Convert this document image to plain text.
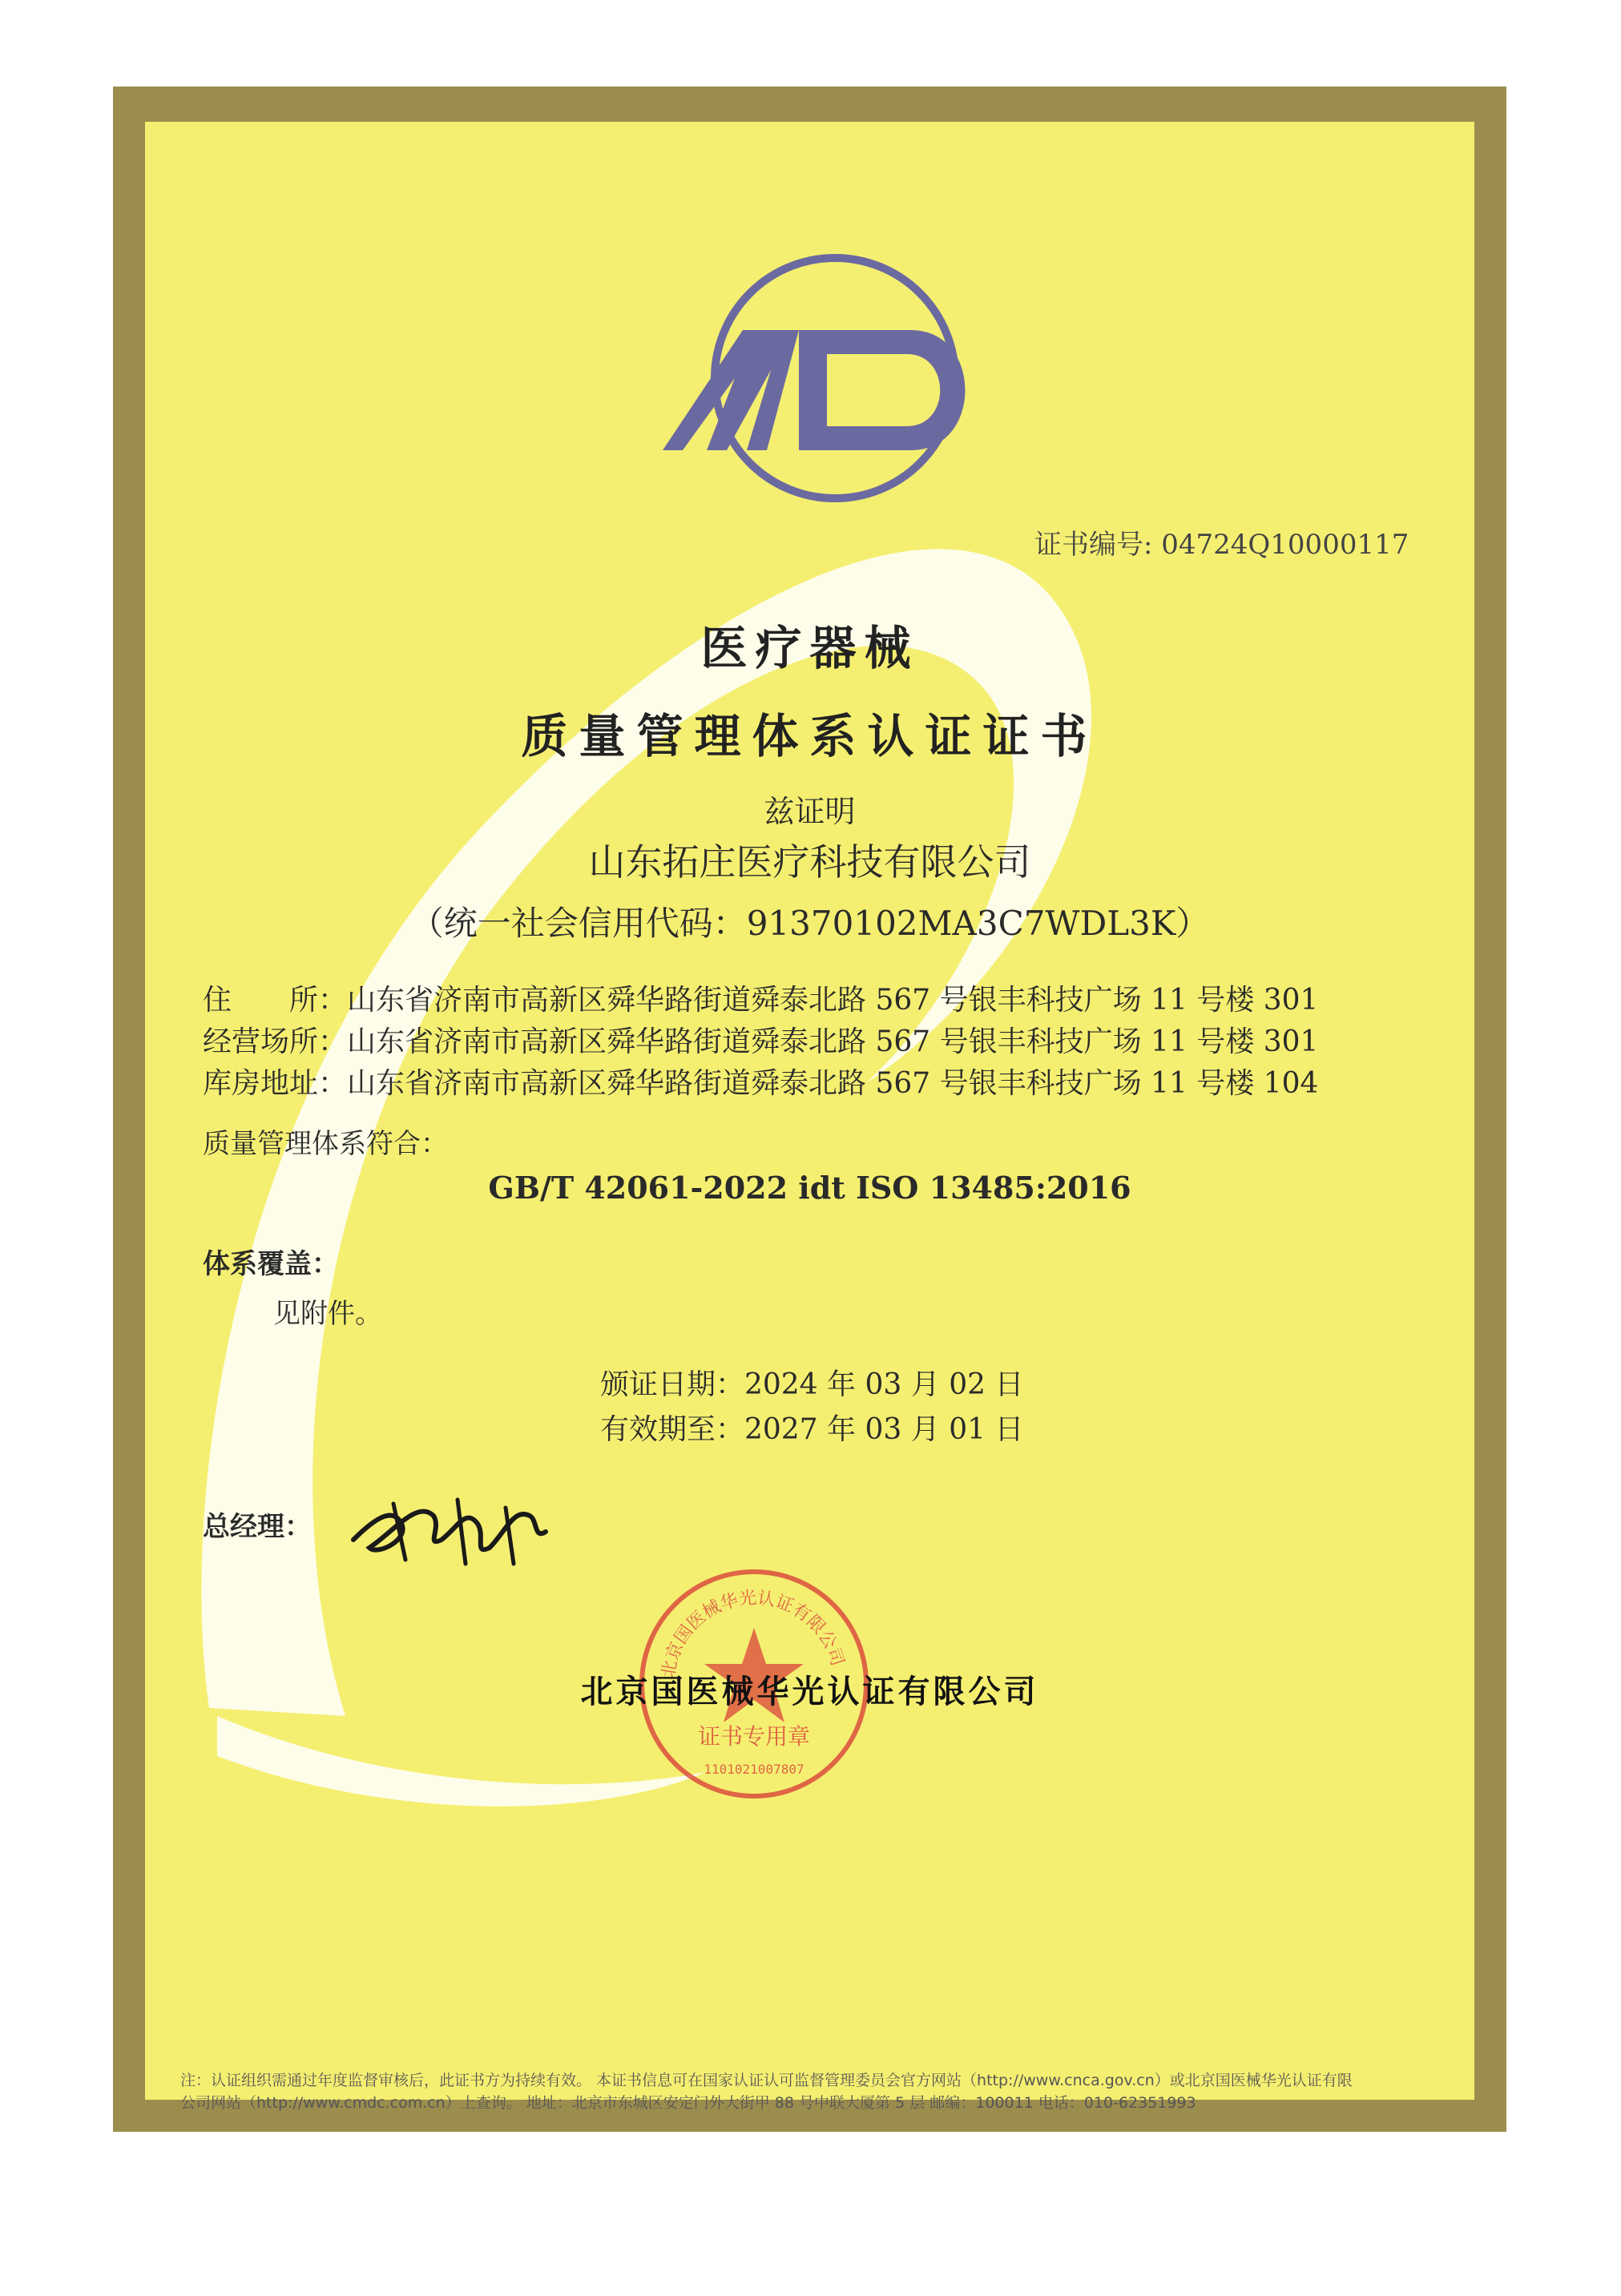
证书编号: 04724Q10000117
医疗器械
质量管理体系认证证书
兹证明
山东拓庄医疗科技有限公司
（统一社会信用代码：91370102MA3C7WDL3K）
住　　所：山东省济南市高新区舜华路街道舜泰北路 567 号银丰科技广场 11 号楼 301
经营场所：山东省济南市高新区舜华路街道舜泰北路 567 号银丰科技广场 11 号楼 301
库房地址：山东省济南市高新区舜华路街道舜泰北路 567 号银丰科技广场 11 号楼 104
质量管理体系符合：
GB/T 42061-2022 idt ISO 13485:2016
体系覆盖：
见附件。
颁证日期：2024 年 03 月 02 日
有效期至：2027 年 03 月 01 日
总经理：
北京国医械华光认证有限公司
证书专用章
1101021007807
北京国医械华光认证有限公司
注：认证组织需通过年度监督审核后，此证书方为持续有效。 本证书信息可在国家认证认可监督管理委员会官方网站（http://www.cnca.gov.cn）或北京国医械华光认证有限
公司网站（http://www.cmdc.com.cn）上查询。 地址：北京市东城区安定门外大街甲 88 号中联大厦第 5 层 邮编：100011 电话：010-62351993
